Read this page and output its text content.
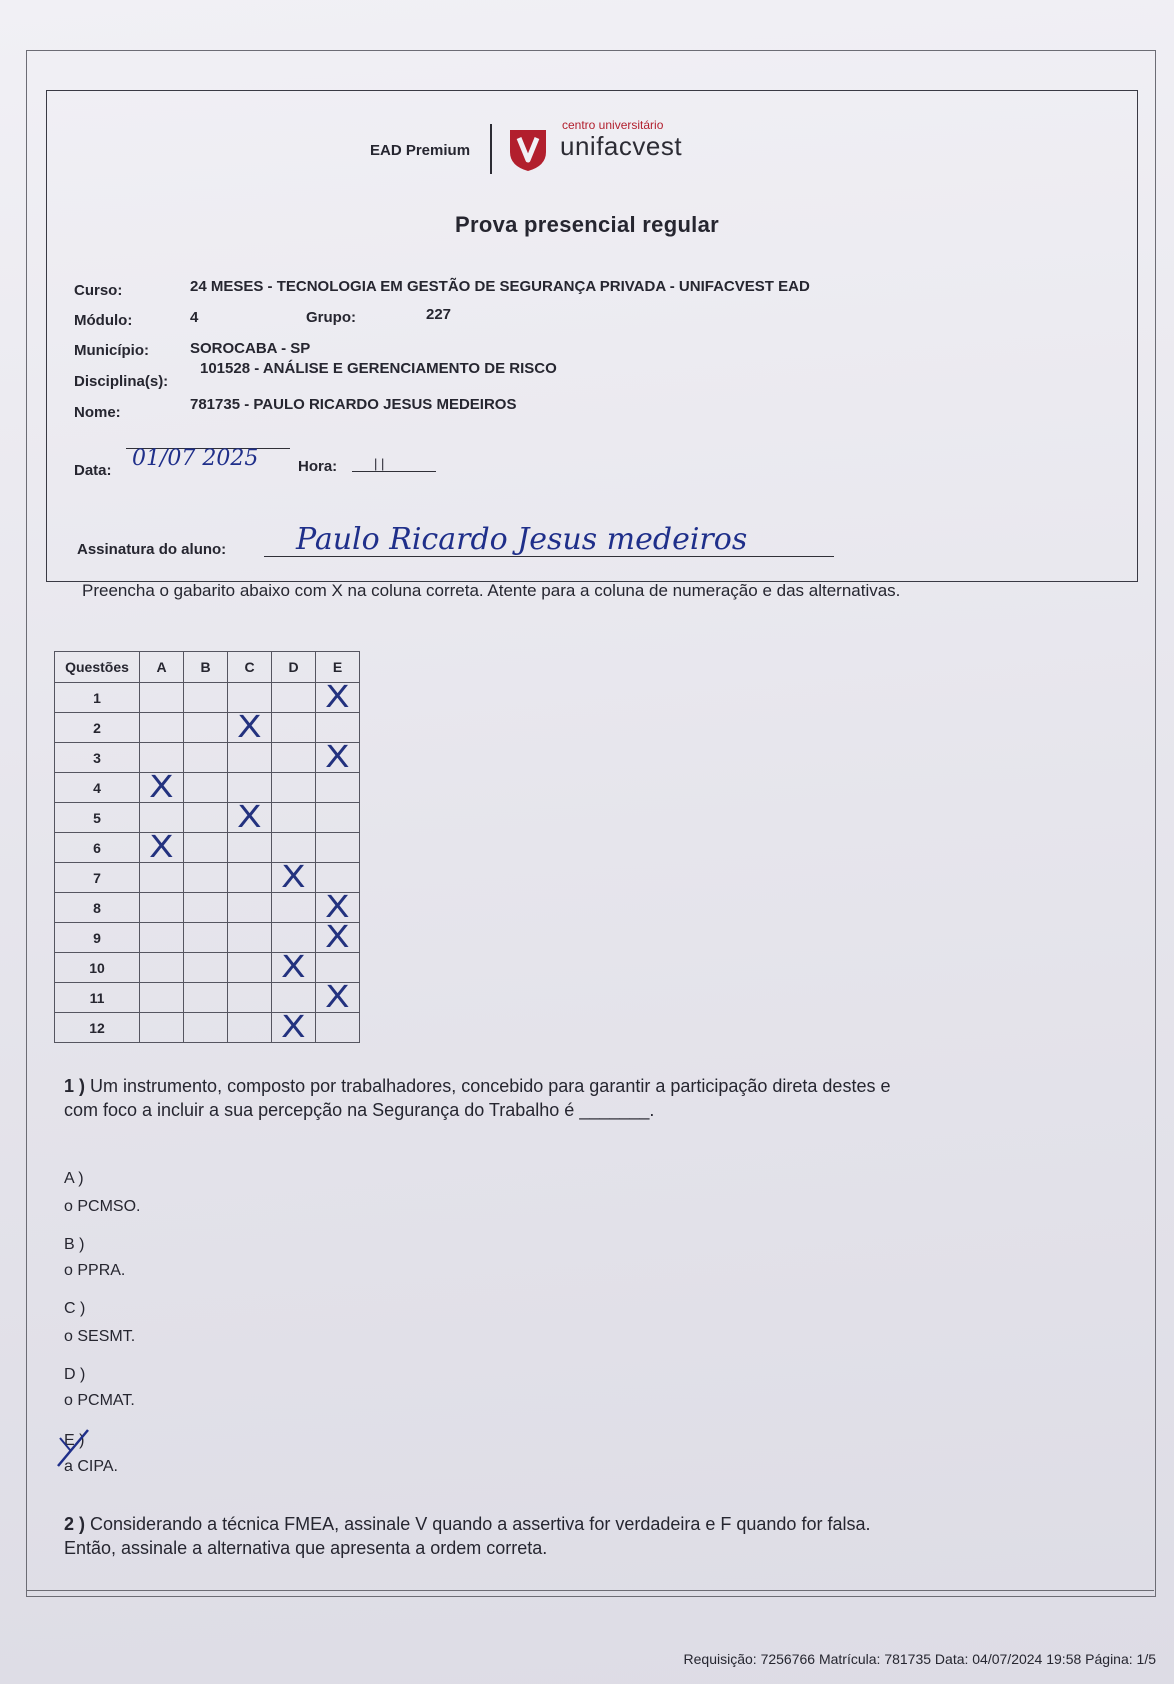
EAD Premium
centro universitário
unifacvest
Prova presencial regular
Curso:	24 MESES - TECNOLOGIA EM GESTÃO DE SEGURANÇA PRIVADA - UNIFACVEST EAD
Módulo:	4	Grupo:	227
Município:	SOROCABA - SP
Disciplina(s):
101528 - ANÁLISE E GERENCIAMENTO DE RISCO
Nome:	781735 - PAULO RICARDO JESUS MEDEIROS
Data: 01/07 2025	Hora:	| |
Assinatura do aluno: Paulo Ricardo Jesus medeiros
Preencha o gabarito abaixo com X na coluna correta. Atente para a coluna de numeração e das alternativas.
Questões	A	B	C	D	E
1					X
2			X		
3					X
4	X				
5			X		
6	X				
7				X	
8					X
9					X
10				X	
11					X
12				X	
1 ) Um instrumento, composto por trabalhadores, concebido para garantir a participação direta destes e
com foco a incluir a sua percepção na Segurança do Trabalho é _______.
A )
o PCMSO.
B )
o PPRA.
C )
o SESMT.
D )
o PCMAT.
E )
a CIPA.
2 ) Considerando a técnica FMEA, assinale V quando a assertiva for verdadeira e F quando for falsa.
Então, assinale a alternativa que apresenta a ordem correta.
Requisição: 7256766 Matrícula: 781735 Data: 04/07/2024 19:58 Página: 1/5
